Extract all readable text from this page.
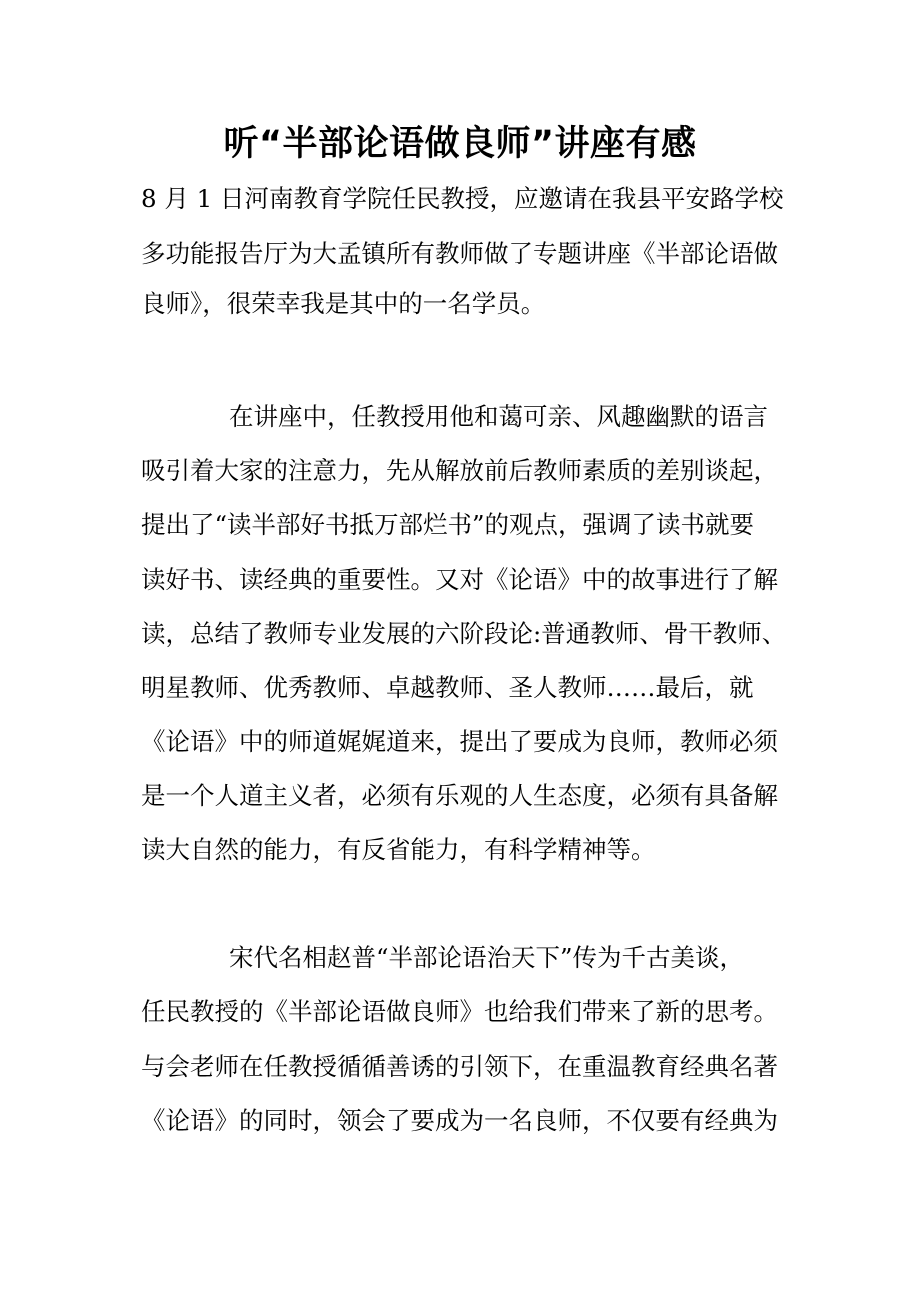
听“半部论语做良师”讲座有感
8 月 1 日河南教育学院任民教授，应邀请在我县平安路学校
多功能报告厅为大孟镇所有教师做了专题讲座《半部论语做
良师》，很荣幸我是其中的一名学员。
在讲座中，任教授用他和蔼可亲、风趣幽默的语言
吸引着大家的注意力，先从解放前后教师素质的差别谈起，
提出了“读半部好书抵万部烂书”的观点，强调了读书就要
读好书、读经典的重要性。又对《论语》中的故事进行了解
读，总结了教师专业发展的六阶段论:普通教师、骨干教师、
明星教师、优秀教师、卓越教师、圣人教师……最后，就
《论语》中的师道娓娓道来，提出了要成为良师，教师必须
是一个人道主义者，必须有乐观的人生态度，必须有具备解
读大自然的能力，有反省能力，有科学精神等。
宋代名相赵普“半部论语治天下”传为千古美谈，
任民教授的《半部论语做良师》也给我们带来了新的思考。
与会老师在任教授循循善诱的引领下，在重温教育经典名著
《论语》的同时，领会了要成为一名良师，不仅要有经典为
